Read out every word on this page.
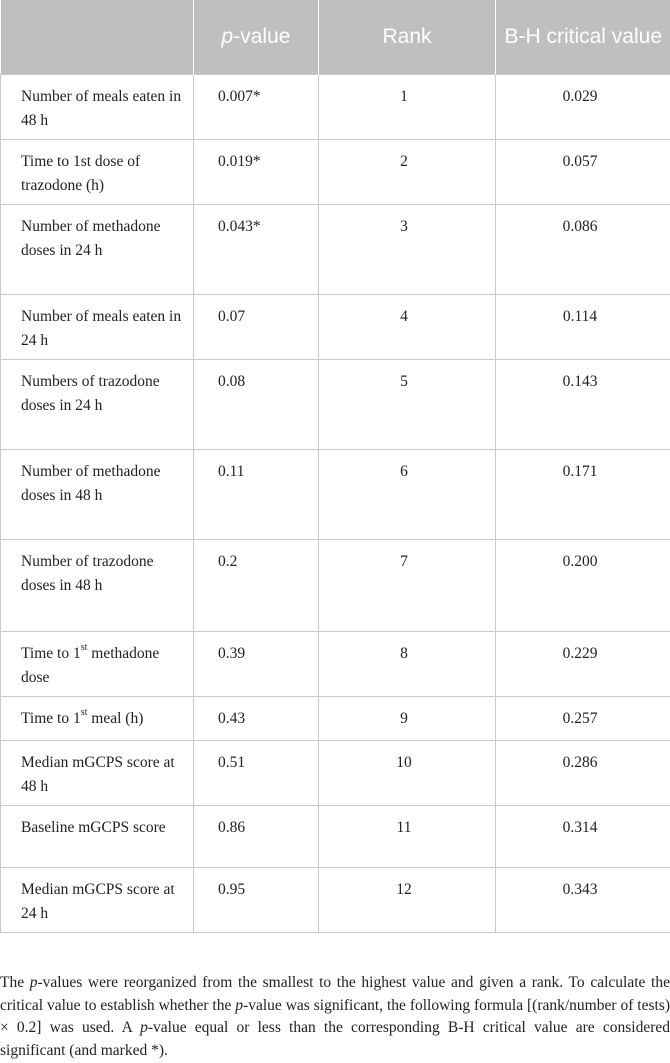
	p-value	Rank	B-H critical value
Number of meals eaten in 48 h	0.007*	1	0.029
Time to 1st dose of trazodone (h)	0.019*	2	0.057
Number of methadone doses in 24 h	0.043*	3	0.086
Number of meals eaten in 24 h	0.07	4	0.114
Numbers of trazodone doses in 24 h	0.08	5	0.143
Number of methadone doses in 48 h	0.11	6	0.171
Number of trazodone doses in 48 h	0.2	7	0.200
Time to 1st methadone dose	0.39	8	0.229
Time to 1st meal (h)	0.43	9	0.257
Median mGCPS score at 48 h	0.51	10	0.286
Baseline mGCPS score	0.86	11	0.314
Median mGCPS score at 24 h	0.95	12	0.343
The p-values were reorganized from the smallest to the highest value and given a rank. To calculate the critical value to establish whether the p-value was significant, the following formula [(rank/number of tests) × 0.2] was used. A p-value equal or less than the corresponding B-H critical value are considered significant (and marked *).
